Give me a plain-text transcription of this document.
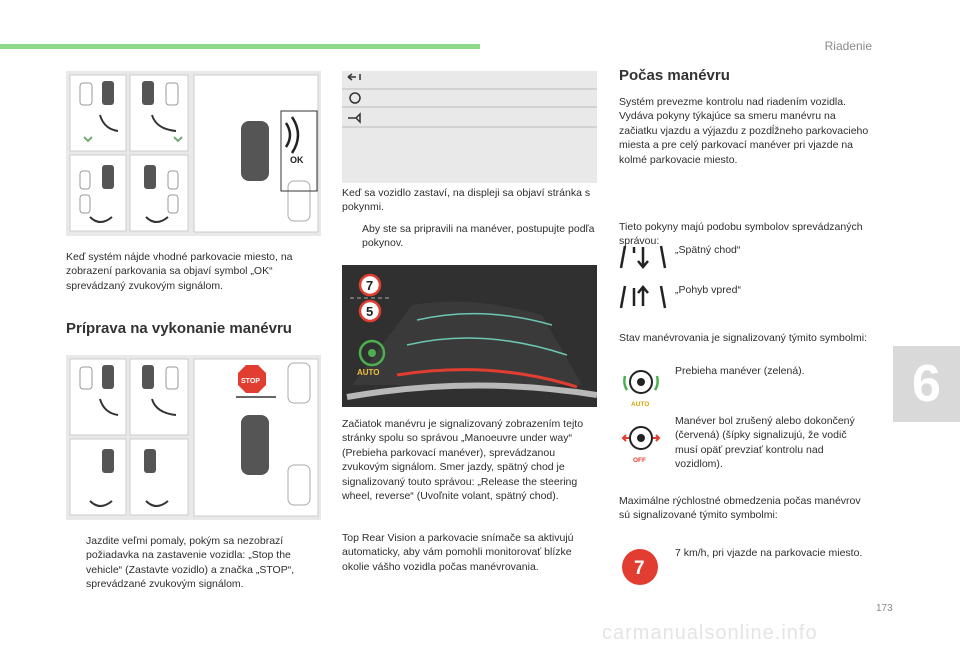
Riadenie
6
OK
Keď systém nájde vhodné parkovacie miesto, na zobrazení parkovania sa objaví symbol „OK“ sprevádzaný zvukovým signálom.
Príprava na vykonanie manévru
STOP
Jazdite veľmi pomaly, pokým sa nezobrazí požiadavka na zastavenie vozidla: „Stop the vehicle“ (Zastavte vozidlo) a značka „STOP“, sprevádzané zvukovým signálom.
Keď sa vozidlo zastaví, na displeji sa objaví stránka s pokynmi.
Aby ste sa pripravili na manéver, postupujte podľa pokynov.
7
5
AUTO
Začiatok manévru je signalizovaný zobrazením tejto stránky spolu so správou „Manoeuvre under way“ (Prebieha parkovací manéver), sprevádzanou zvukovým signálom. Smer jazdy, spätný chod je signalizovaný touto správou: „Release the steering wheel, reverse“ (Uvoľnite volant, spätný chod).
Top Rear Vision a parkovacie snímače sa aktivujú automaticky, aby vám pomohli monitorovať blízke okolie vášho vozidla počas manévrovania.
Počas manévru
Systém prevezme kontrolu nad riadením vozidla. Vydáva pokyny týkajúce sa smeru manévru na začiatku vjazdu a výjazdu z pozdĺžneho parkovacieho miesta a pre celý parkovací manéver pri vjazde na kolmé parkovacie miesto.
Tieto pokyny majú podobu symbolov sprevádzaných správou:
„Spätný chod“
„Pohyb vpred“
Stav manévrovania je signalizovaný týmito symbolmi:
AUTO
Prebieha manéver (zelená).
OFF
Manéver bol zrušený alebo dokončený (červená) (šípky signalizujú, že vodič musí opäť prevziať kontrolu nad vozidlom).
Maximálne rýchlostné obmedzenia počas manévrov sú signalizované týmito symbolmi:
7
7 km/h, pri vjazde na parkovacie miesto.
173
carmanualsonline.info
